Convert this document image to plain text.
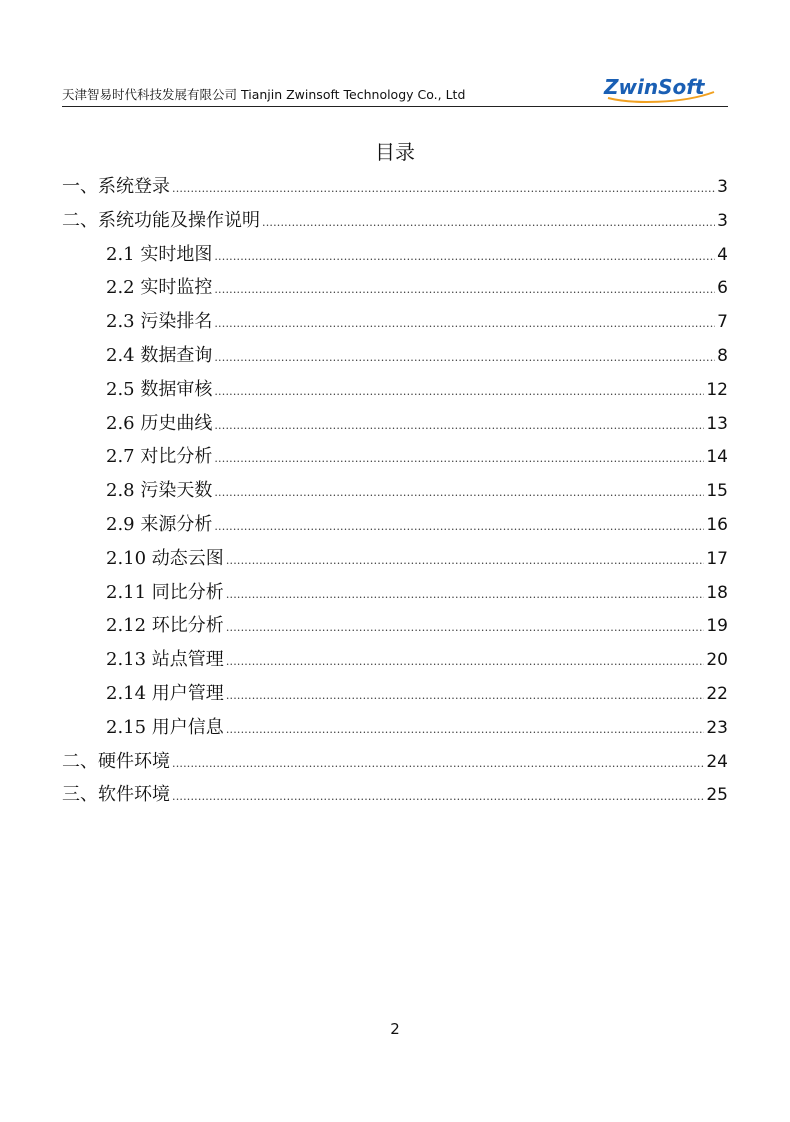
天津智易时代科技发展有限公司 Tianjin Zwinsoft Technology Co., Ltd	ZwinSoft
目录
一、系统登录 .....	3
二、系统功能及操作说明 .....	3
2.1 实时地图 .....	4
2.2 实时监控 .....	6
2.3 污染排名 .....	7
2.4 数据查询 .....	8
2.5 数据审核 .....	12
2.6 历史曲线 .....	13
2.7 对比分析 .....	14
2.8 污染天数 .....	15
2.9 来源分析 .....	16
2.10 动态云图 .....	17
2.11 同比分析 .....	18
2.12 环比分析 .....	19
2.13 站点管理 .....	20
2.14 用户管理 .....	22
2.15 用户信息 .....	23
二、硬件环境 .....	24
三、软件环境 .....	25
2
